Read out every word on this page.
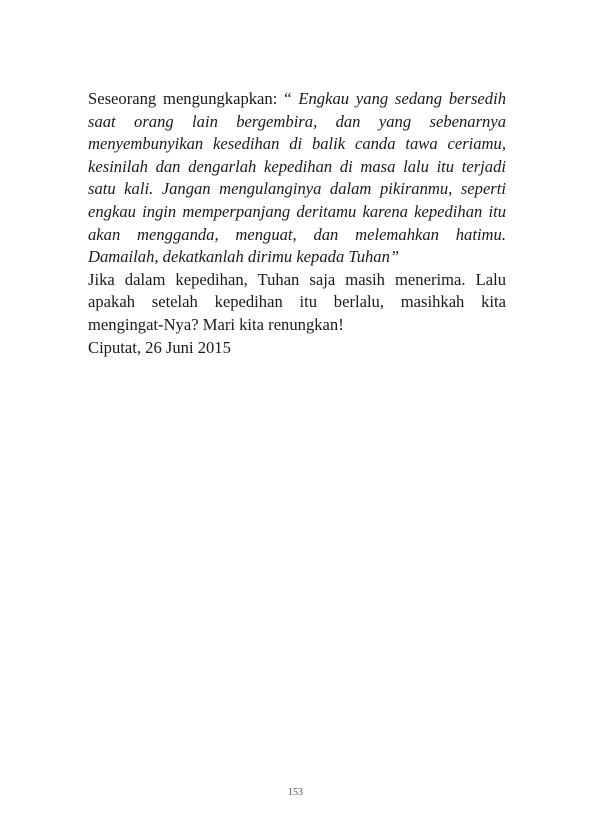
Seseorang mengungkapkan: “ Engkau yang sedang bersedih
saat orang lain bergembira, dan yang sebenarnya
menyembunyikan kesedihan di balik canda tawa ceriamu,
kesinilah dan dengarlah kepedihan di masa lalu itu terjadi
satu kali. Jangan mengulanginya dalam pikiranmu, seperti
engkau ingin memperpanjang deritamu karena kepedihan itu
akan mengganda, menguat, dan melemahkan hatimu.
Damailah, dekatkanlah dirimu kepada Tuhan”

Jika dalam kepedihan, Tuhan saja masih menerima. Lalu
apakah setelah kepedihan itu berlalu, masihkah kita
mengingat-Nya? Mari kita renungkan!

Ciputat, 26 Juni 2015

153
